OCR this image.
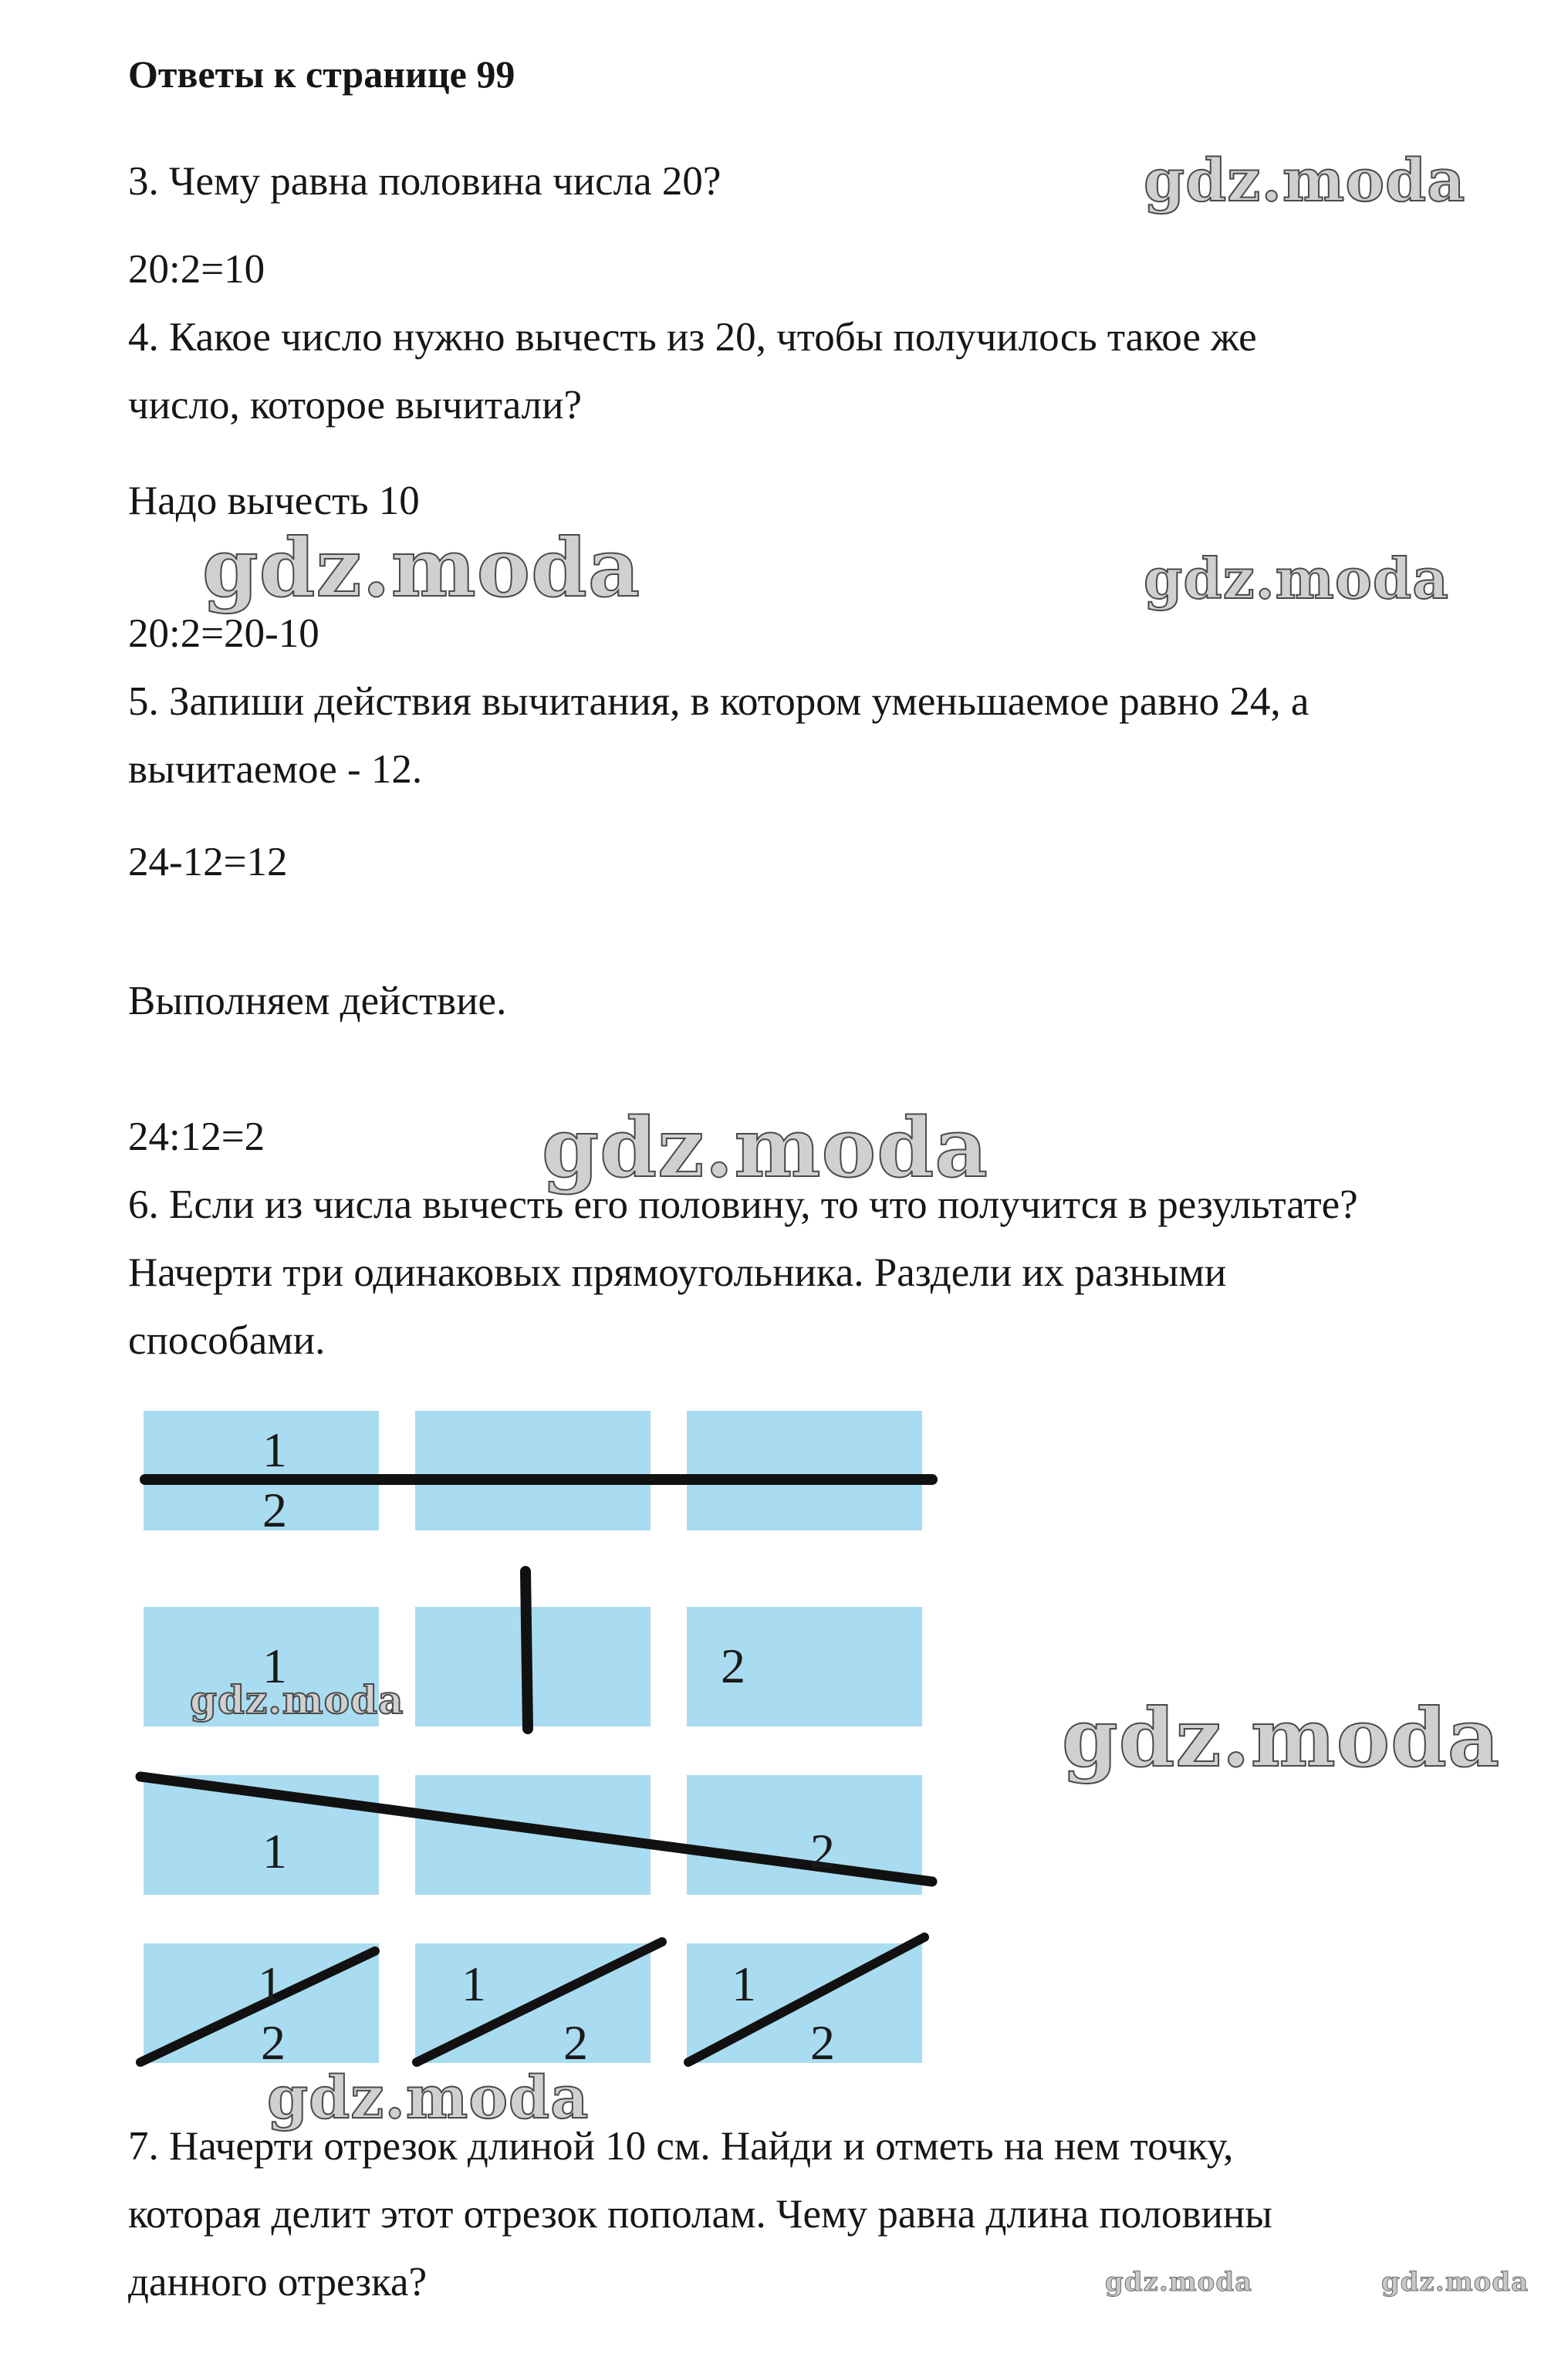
Ответы к странице 99

3. Чему равна половина числа 20?

20:2=10

4. Какое число нужно вычесть из 20, чтобы получилось такое же

число, которое вычитали?

Надо вычесть 10

20:2=20-10

5. Запиши действия вычитания, в котором уменьшаемое равно 24, а

вычитаемое - 12.

24-12=12

Выполняем действие.

24:12=2

6. Если из числа вычесть его половину, то что получится в результате?

Начерти три одинаковых прямоугольника. Раздели их разными

способами.

1
2
1	2
1	2
1
2
1
2
1
2

7. Начерти отрезок длиной 10 см. Найди и отметь на нем точку,

которая делит этот отрезок пополам. Чему равна длина половины

данного отрезка?

gdz.moda
gdz.moda	gdz.moda
gdz.moda
gdz.moda
gdz.moda
gdz.moda
gdz.moda	gdz.moda
